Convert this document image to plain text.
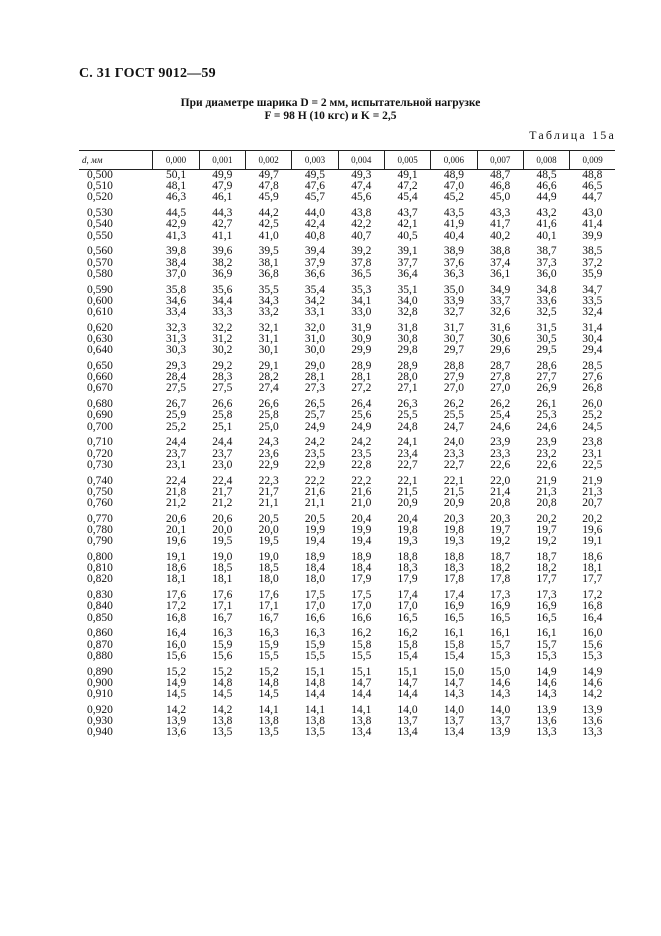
С. 31 ГОСТ 9012—59
При диаметре шарика D = 2 мм, испытательной нагрузке
F = 98 Н (10 кгс) и K = 2,5
Таблица 15а
d, мм	0,000	0,001	0,002	0,003	0,004	0,005	0,006	0,007	0,008	0,009
0,500	50,1	49,9	49,7	49,5	49,3	49,1	48,9	48,7	48,5	48,8
0,510	48,1	47,9	47,8	47,6	47,4	47,2	47,0	46,8	46,6	46,5
0,520	46,3	46,1	45,9	45,7	45,6	45,4	45,2	45,0	44,9	44,7

0,530	44,5	44,3	44,2	44,0	43,8	43,7	43,5	43,3	43,2	43,0
0,540	42,9	42,7	42,5	42,4	42,2	42,1	41,9	41,7	41,6	41,4
0,550	41,3	41,1	41,0	40,8	40,7	40,5	40,4	40,2	40,1	39,9

0,560	39,8	39,6	39,5	39,4	39,2	39,1	38,9	38,8	38,7	38,5
0,570	38,4	38,2	38,1	37,9	37,8	37,7	37,6	37,4	37,3	37,2
0,580	37,0	36,9	36,8	36,6	36,5	36,4	36,3	36,1	36,0	35,9

0,590	35,8	35,6	35,5	35,4	35,3	35,1	35,0	34,9	34,8	34,7
0,600	34,6	34,4	34,3	34,2	34,1	34,0	33,9	33,7	33,6	33,5
0,610	33,4	33,3	33,2	33,1	33,0	32,8	32,7	32,6	32,5	32,4

0,620	32,3	32,2	32,1	32,0	31,9	31,8	31,7	31,6	31,5	31,4
0,630	31,3	31,2	31,1	31,0	30,9	30,8	30,7	30,6	30,5	30,4
0,640	30,3	30,2	30,1	30,0	29,9	29,8	29,7	29,6	29,5	29,4

0,650	29,3	29,2	29,1	29,0	28,9	28,9	28,8	28,7	28,6	28,5
0,660	28,4	28,3	28,2	28,1	28,1	28,0	27,9	27,8	27,7	27,6
0,670	27,5	27,5	27,4	27,3	27,2	27,1	27,0	27,0	26,9	26,8

0,680	26,7	26,6	26,6	26,5	26,4	26,3	26,2	26,2	26,1	26,0
0,690	25,9	25,8	25,8	25,7	25,6	25,5	25,5	25,4	25,3	25,2
0,700	25,2	25,1	25,0	24,9	24,9	24,8	24,7	24,6	24,6	24,5

0,710	24,4	24,4	24,3	24,2	24,2	24,1	24,0	23,9	23,9	23,8
0,720	23,7	23,7	23,6	23,5	23,5	23,4	23,3	23,3	23,2	23,1
0,730	23,1	23,0	22,9	22,9	22,8	22,7	22,7	22,6	22,6	22,5

0,740	22,4	22,4	22,3	22,2	22,2	22,1	22,1	22,0	21,9	21,9
0,750	21,8	21,7	21,7	21,6	21,6	21,5	21,5	21,4	21,3	21,3
0,760	21,2	21,2	21,1	21,1	21,0	20,9	20,9	20,8	20,8	20,7

0,770	20,6	20,6	20,5	20,5	20,4	20,4	20,3	20,3	20,2	20,2
0,780	20,1	20,0	20,0	19,9	19,9	19,8	19,8	19,7	19,7	19,6
0,790	19,6	19,5	19,5	19,4	19,4	19,3	19,3	19,2	19,2	19,1

0,800	19,1	19,0	19,0	18,9	18,9	18,8	18,8	18,7	18,7	18,6
0,810	18,6	18,5	18,5	18,4	18,4	18,3	18,3	18,2	18,2	18,1
0,820	18,1	18,1	18,0	18,0	17,9	17,9	17,8	17,8	17,7	17,7

0,830	17,6	17,6	17,6	17,5	17,5	17,4	17,4	17,3	17,3	17,2
0,840	17,2	17,1	17,1	17,0	17,0	17,0	16,9	16,9	16,9	16,8
0,850	16,8	16,7	16,7	16,6	16,6	16,5	16,5	16,5	16,5	16,4

0,860	16,4	16,3	16,3	16,3	16,2	16,2	16,1	16,1	16,1	16,0
0,870	16,0	15,9	15,9	15,9	15,8	15,8	15,8	15,7	15,7	15,6
0,880	15,6	15,6	15,5	15,5	15,5	15,4	15,4	15,3	15,3	15,3

0,890	15,2	15,2	15,2	15,1	15,1	15,1	15,0	15,0	14,9	14,9
0,900	14,9	14,8	14,8	14,8	14,7	14,7	14,7	14,6	14,6	14,6
0,910	14,5	14,5	14,5	14,4	14,4	14,4	14,3	14,3	14,3	14,2

0,920	14,2	14,2	14,1	14,1	14,1	14,0	14,0	14,0	13,9	13,9
0,930	13,9	13,8	13,8	13,8	13,8	13,7	13,7	13,7	13,6	13,6
0,940	13,6	13,5	13,5	13,5	13,4	13,4	13,4	13,9	13,3	13,3
